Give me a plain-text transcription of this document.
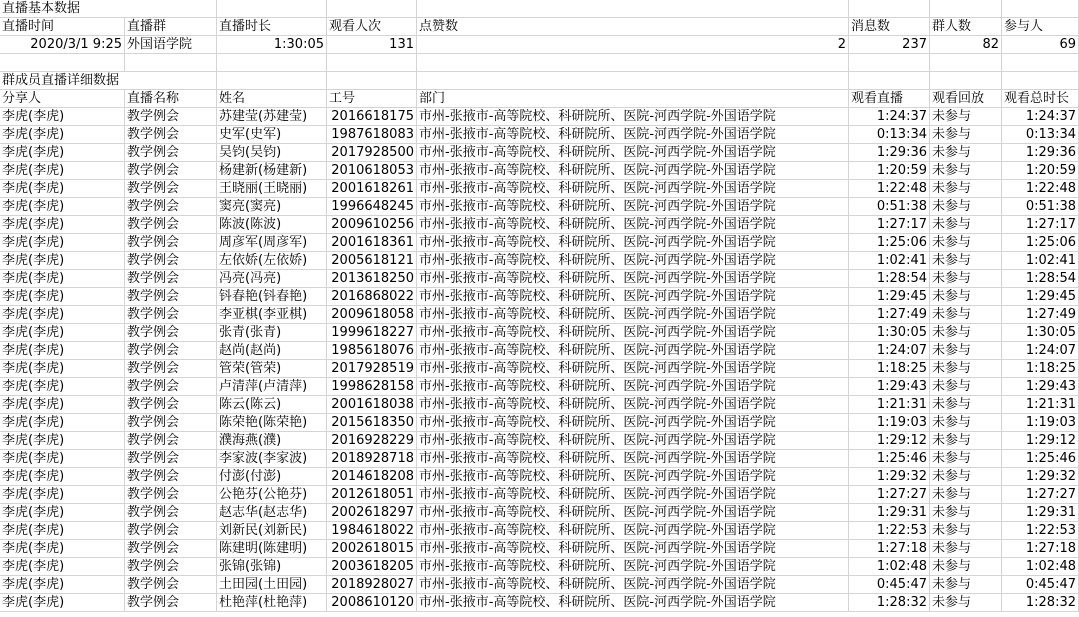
直播基本数据
直播时间	直播群	直播时长	观看人次	点赞数	消息数	群人数	参与人
2020/3/1 9:25 外国语学院	1:30:05	131	2	237	82	69
群成员直播详细数据
分享人	直播名称	姓名	工号	部门	观看直播	观看回放	观看总时长
李虎(李虎)	教学例会	苏建莹(苏建莹)	2016618175 市州-张掖市-高等院校、科研院所、医院-河西学院-外国语学院	1:24:37 未参与	1:24:37
李虎(李虎)	教学例会	史军(史军)	1987618083 市州-张掖市-高等院校、科研院所、医院-河西学院-外国语学院	0:13:34 未参与	0:13:34
李虎(李虎)	教学例会	吴钧(吴钧)	2017928500 市州-张掖市-高等院校、科研院所、医院-河西学院-外国语学院	1:29:36 未参与	1:29:36
李虎(李虎)	教学例会	杨建新(杨建新)	2010618053 市州-张掖市-高等院校、科研院所、医院-河西学院-外国语学院	1:20:59 未参与	1:20:59
李虎(李虎)	教学例会	王晓丽(王晓丽)	2001618261 市州-张掖市-高等院校、科研院所、医院-河西学院-外国语学院	1:22:48 未参与	1:22:48
李虎(李虎)	教学例会	窦亮(窦亮)	1996648245 市州-张掖市-高等院校、科研院所、医院-河西学院-外国语学院	0:51:38 未参与	0:51:38
李虎(李虎)	教学例会	陈波(陈波)	2009610256 市州-张掖市-高等院校、科研院所、医院-河西学院-外国语学院	1:27:17 未参与	1:27:17
李虎(李虎)	教学例会	周彦军(周彦军)	2001618361 市州-张掖市-高等院校、科研院所、医院-河西学院-外国语学院	1:25:06 未参与	1:25:06
李虎(李虎)	教学例会	左依娇(左依娇)	2005618121 市州-张掖市-高等院校、科研院所、医院-河西学院-外国语学院	1:02:41 未参与	1:02:41
李虎(李虎)	教学例会	冯亮(冯亮)	2013618250 市州-张掖市-高等院校、科研院所、医院-河西学院-外国语学院	1:28:54 未参与	1:28:54
李虎(李虎)	教学例会	钭春艳(钭春艳)	2016868022 市州-张掖市-高等院校、科研院所、医院-河西学院-外国语学院	1:29:45 未参与	1:29:45
李虎(李虎)	教学例会	李亚棋(李亚棋)	2009618058 市州-张掖市-高等院校、科研院所、医院-河西学院-外国语学院	1:27:49 未参与	1:27:49
李虎(李虎)	教学例会	张青(张青)	1999618227 市州-张掖市-高等院校、科研院所、医院-河西学院-外国语学院	1:30:05 未参与	1:30:05
李虎(李虎)	教学例会	赵尚(赵尚)	1985618076 市州-张掖市-高等院校、科研院所、医院-河西学院-外国语学院	1:24:07 未参与	1:24:07
李虎(李虎)	教学例会	管荣(管荣)	2017928519 市州-张掖市-高等院校、科研院所、医院-河西学院-外国语学院	1:18:25 未参与	1:18:25
李虎(李虎)	教学例会	卢清萍(卢清萍)	1998628158 市州-张掖市-高等院校、科研院所、医院-河西学院-外国语学院	1:29:43 未参与	1:29:43
李虎(李虎)	教学例会	陈云(陈云)	2001618038 市州-张掖市-高等院校、科研院所、医院-河西学院-外国语学院	1:21:31 未参与	1:21:31
李虎(李虎)	教学例会	陈荣艳(陈荣艳)	2015618350 市州-张掖市-高等院校、科研院所、医院-河西学院-外国语学院	1:19:03 未参与	1:19:03
李虎(李虎)	教学例会	濮海燕(濮)	2016928229 市州-张掖市-高等院校、科研院所、医院-河西学院-外国语学院	1:29:12 未参与	1:29:12
李虎(李虎)	教学例会	李家波(李家波)	2018928718 市州-张掖市-高等院校、科研院所、医院-河西学院-外国语学院	1:25:46 未参与	1:25:46
李虎(李虎)	教学例会	付澎(付澎)	2014618208 市州-张掖市-高等院校、科研院所、医院-河西学院-外国语学院	1:29:32 未参与	1:29:32
李虎(李虎)	教学例会	公艳芬(公艳芬)	2012618051 市州-张掖市-高等院校、科研院所、医院-河西学院-外国语学院	1:27:27 未参与	1:27:27
李虎(李虎)	教学例会	赵志华(赵志华)	2002618297 市州-张掖市-高等院校、科研院所、医院-河西学院-外国语学院	1:29:31 未参与	1:29:31
李虎(李虎)	教学例会	刘新民(刘新民)	1984618022 市州-张掖市-高等院校、科研院所、医院-河西学院-外国语学院	1:22:53 未参与	1:22:53
李虎(李虎)	教学例会	陈建明(陈建明)	2002618015 市州-张掖市-高等院校、科研院所、医院-河西学院-外国语学院	1:27:18 未参与	1:27:18
李虎(李虎)	教学例会	张锦(张锦)	2003618205 市州-张掖市-高等院校、科研院所、医院-河西学院-外国语学院	1:02:48 未参与	1:02:48
李虎(李虎)	教学例会	土田园(土田园)	2018928027 市州-张掖市-高等院校、科研院所、医院-河西学院-外国语学院	0:45:47 未参与	0:45:47
李虎(李虎)	教学例会	杜艳萍(杜艳萍)	2008610120 市州-张掖市-高等院校、科研院所、医院-河西学院-外国语学院	1:28:32 未参与	1:28:32
